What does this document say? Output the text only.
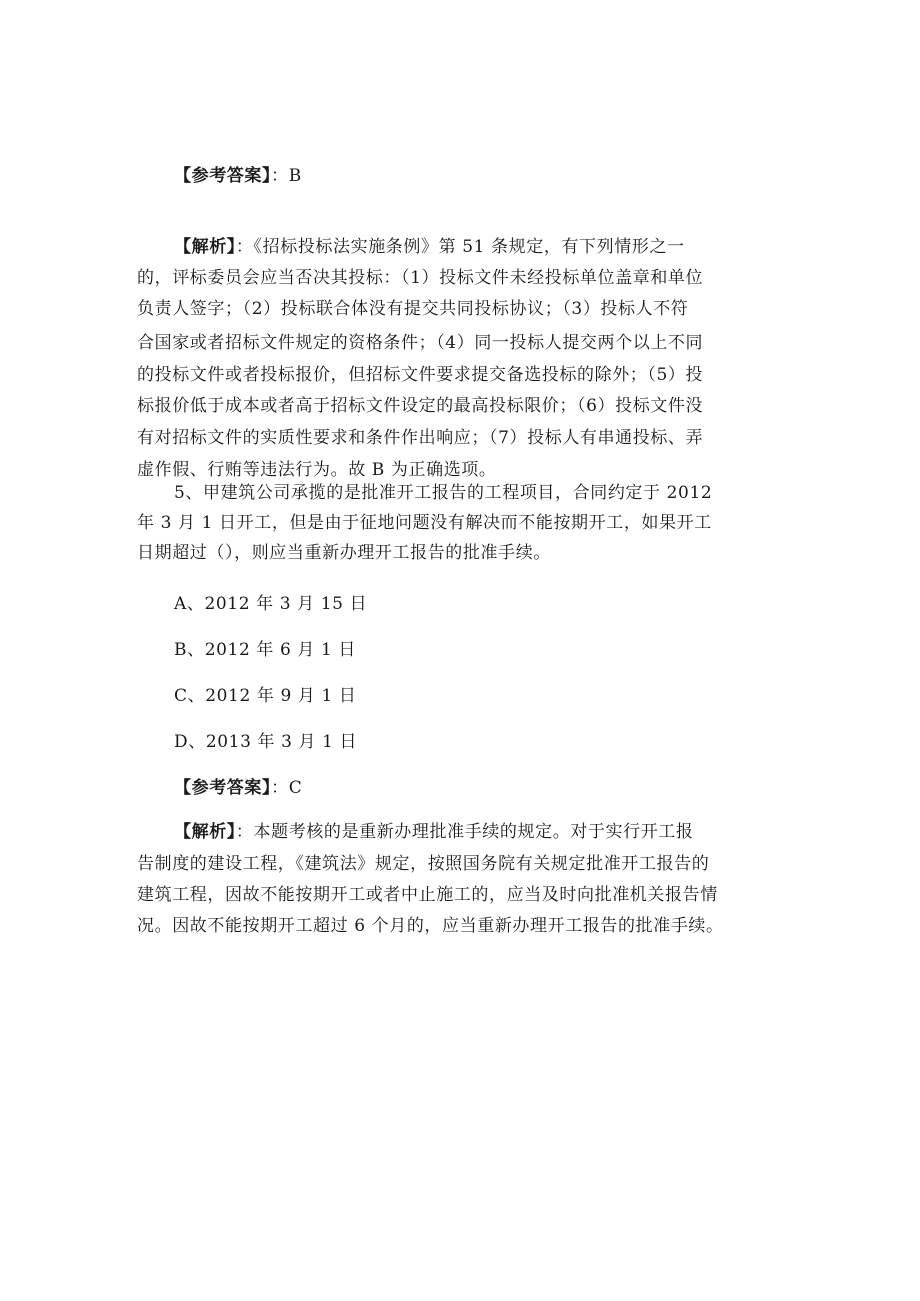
【参考答案】：B
【解析】：《招标投标法实施条例》第 51 条规定，有下列情形之一
的，评标委员会应当否决其投标：（1）投标文件未经投标单位盖章和单位
负责人签字；（2）投标联合体没有提交共同投标协议；（3）投标人不符
合国家或者招标文件规定的资格条件；（4）同一投标人提交两个以上不同
的投标文件或者投标报价，但招标文件要求提交备选投标的除外；（5）投
标报价低于成本或者高于招标文件设定的最高投标限价；（6）投标文件没
有对招标文件的实质性要求和条件作出响应；（7）投标人有串通投标、弄
虚作假、行贿等违法行为。故 B 为正确选项。
5、甲建筑公司承揽的是批准开工报告的工程项目，合同约定于 2012
年 3 月 1 日开工，但是由于征地问题没有解决而不能按期开工，如果开工
日期超过（），则应当重新办理开工报告的批准手续。
A、2012 年 3 月 15 日
B、2012 年 6 月 1 日
C、2012 年 9 月 1 日
D、2013 年 3 月 1 日
【参考答案】：C
【解析】：本题考核的是重新办理批准手续的规定。对于实行开工报
告制度的建设工程，《建筑法》规定，按照国务院有关规定批准开工报告的
建筑工程，因故不能按期开工或者中止施工的，应当及时向批准机关报告情
况。因故不能按期开工超过 6 个月的，应当重新办理开工报告的批准手续。
